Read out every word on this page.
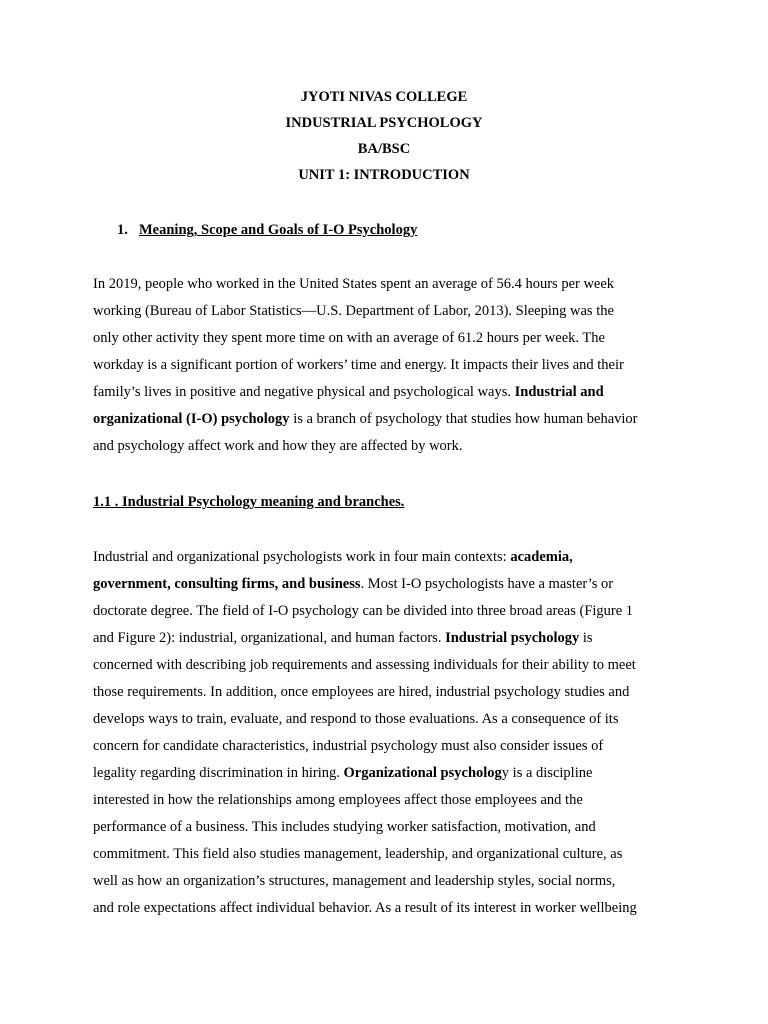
JYOTI NIVAS COLLEGE
INDUSTRIAL PSYCHOLOGY
BA/BSC
UNIT 1: INTRODUCTION
1. Meaning, Scope and Goals of I-O Psychology

In 2019, people who worked in the United States spent an average of 56.4 hours per week
working (Bureau of Labor Statistics—U.S. Department of Labor, 2013). Sleeping was the
only other activity they spent more time on with an average of 61.2 hours per week. The
workday is a significant portion of workers’ time and energy. It impacts their lives and their
family’s lives in positive and negative physical and psychological ways. Industrial and
organizational (I-O) psychology is a branch of psychology that studies how human behavior
and psychology affect work and how they are affected by work.

1.1 . Industrial Psychology meaning and branches.

Industrial and organizational psychologists work in four main contexts: academia,
government, consulting firms, and business. Most I-O psychologists have a master’s or
doctorate degree. The field of I-O psychology can be divided into three broad areas (Figure 1
and Figure 2): industrial, organizational, and human factors. Industrial psychology is
concerned with describing job requirements and assessing individuals for their ability to meet
those requirements. In addition, once employees are hired, industrial psychology studies and
develops ways to train, evaluate, and respond to those evaluations. As a consequence of its
concern for candidate characteristics, industrial psychology must also consider issues of
legality regarding discrimination in hiring. Organizational psychology is a discipline
interested in how the relationships among employees affect those employees and the
performance of a business. This includes studying worker satisfaction, motivation, and
commitment. This field also studies management, leadership, and organizational culture, as
well as how an organization’s structures, management and leadership styles, social norms,
and role expectations affect individual behavior. As a result of its interest in worker wellbeing
